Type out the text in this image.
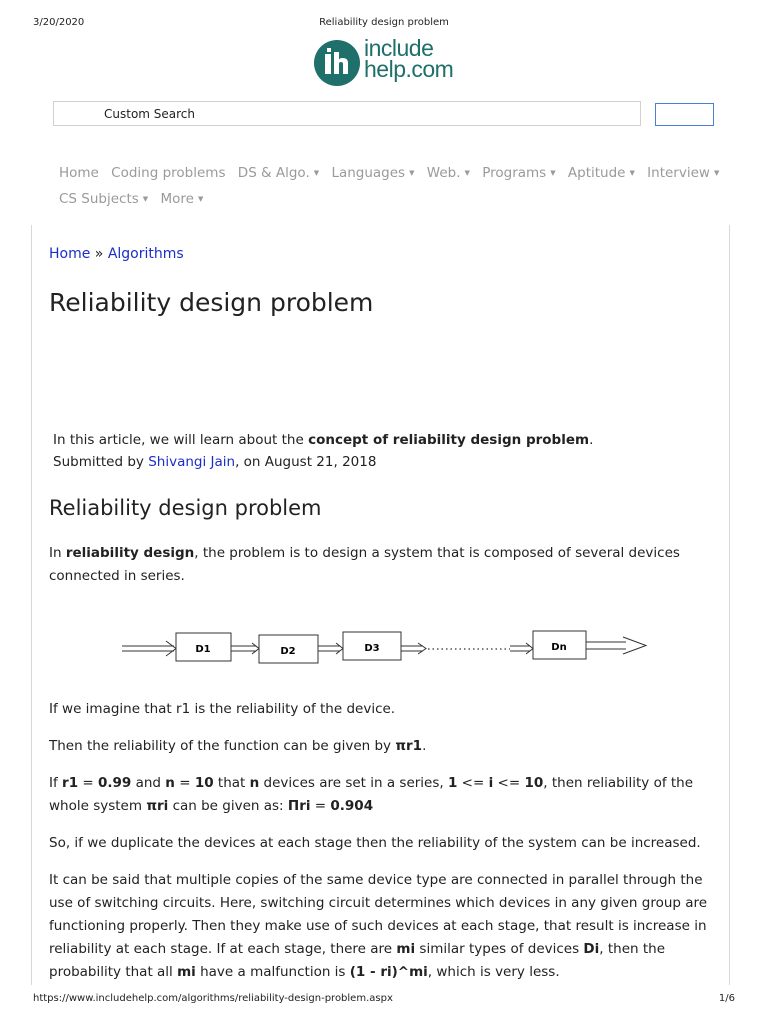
3/20/2020	Reliability design problem
include
help.com
Custom Search
Home Coding problems DS & Algo. ▼ Languages ▼ Web. ▼ Programs ▼ Aptitude ▼ Interview ▼ CS Subjects ▼ More ▼
Home » Algorithms
Reliability design problem
In this article, we will learn about the concept of reliability design problem.
Submitted by Shivangi Jain, on August 21, 2018
Reliability design problem

In reliability design, the problem is to design a system that is composed of several devices connected in series.

D1	D2	D3	Dn

If we imagine that r1 is the reliability of the device.

Then the reliability of the function can be given by πr1.

If r1 = 0.99 and n = 10 that n devices are set in a series, 1 <= i <= 10, then reliability of the whole system πri can be given as: Πri = 0.904

So, if we duplicate the devices at each stage then the reliability of the system can be increased.

It can be said that multiple copies of the same device type are connected in parallel through the use of switching circuits. Here, switching circuit determines which devices in any given group are functioning properly. Then they make use of such devices at each stage, that result is increase in reliability at each stage. If at each stage, there are mi similar types of devices Di, then the probability that all mi have a malfunction is (1 - ri)^mi, which is very less.

https://www.includehelp.com/algorithms/reliability-design-problem.aspx	1/6
